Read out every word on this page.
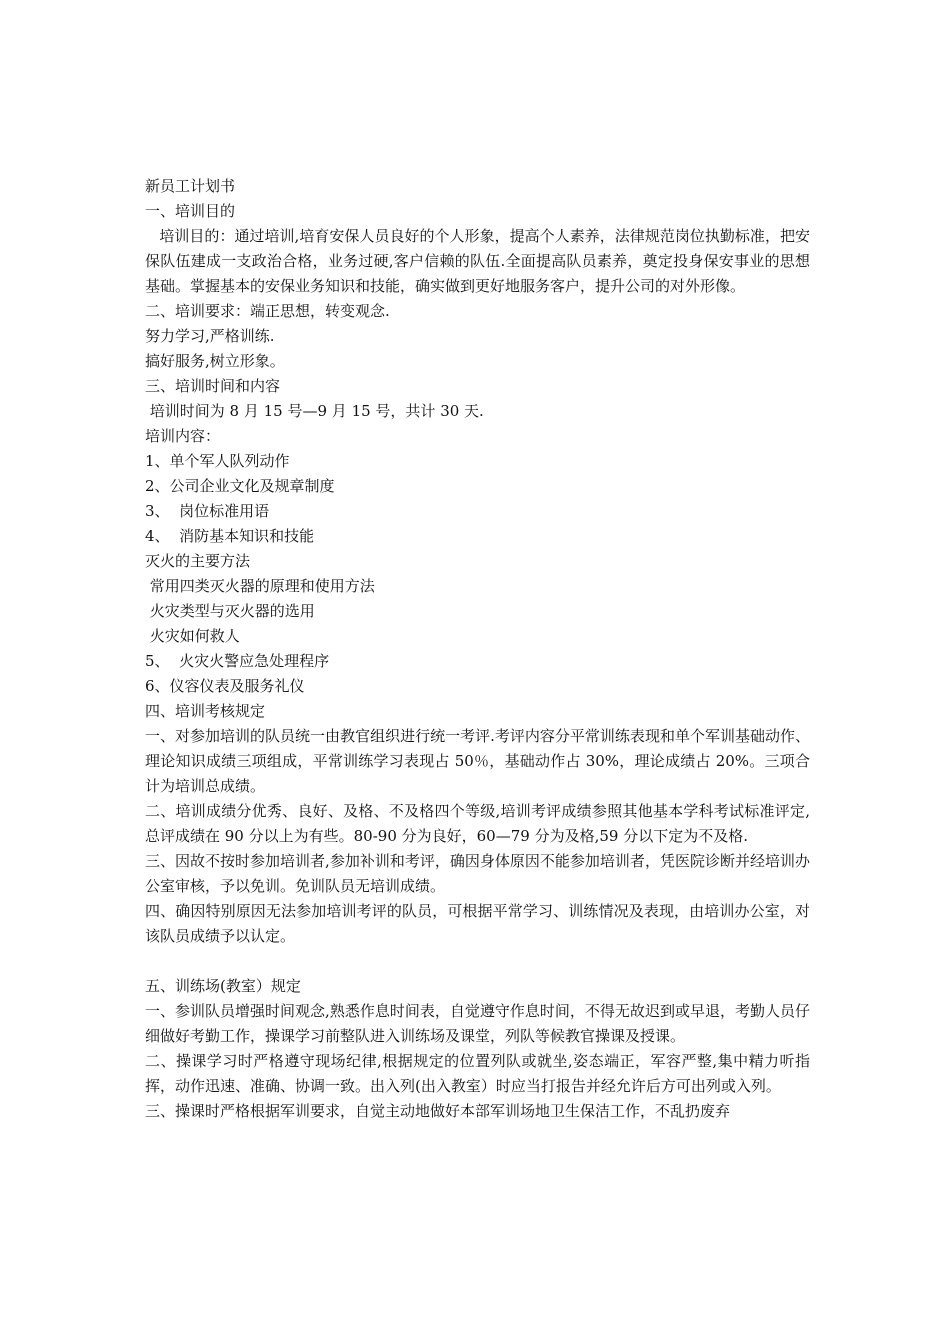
新员工计划书

一、培训目的

培训目的：通过培训,培育安保人员良好的个人形象，提高个人素养，法律规范岗位执勤标准，把安保队伍建成一支政治合格，业务过硬,客户信赖的队伍.全面提高队员素养，奠定投身保安事业的思想基础。掌握基本的安保业务知识和技能，确实做到更好地服务客户，提升公司的对外形像。

二、培训要求：端正思想，转变观念.

努力学习,严格训练.

搞好服务,树立形象。

三、培训时间和内容

培训时间为 8 月 15 号—9 月 15 号，共计 30 天.

培训内容：

1、单个军人队列动作

2、公司企业文化及规章制度

3、  岗位标准用语

4、  消防基本知识和技能

灭火的主要方法

常用四类灭火器的原理和使用方法

火灾类型与灭火器的选用

火灾如何救人

5、  火灾火警应急处理程序

6、仪容仪表及服务礼仪

四、培训考核规定

一、对参加培训的队员统一由教官组织进行统一考评.考评内容分平常训练表现和单个军训基础动作、理论知识成绩三项组成，平常训练学习表现占 50％，基础动作占 30%，理论成绩占 20%。三项合计为培训总成绩。

二、培训成绩分优秀、良好、及格、不及格四个等级,培训考评成绩参照其他基本学科考试标准评定,总评成绩在 90 分以上为有些。80-90 分为良好，60—79 分为及格,59 分以下定为不及格.

三、因故不按时参加培训者,参加补训和考评，确因身体原因不能参加培训者，凭医院诊断并经培训办公室审核，予以免训。免训队员无培训成绩。

四、确因特别原因无法参加培训考评的队员，可根据平常学习、训练情况及表现，由培训办公室，对该队员成绩予以认定。

五、训练场(教室）规定

一、参训队员增强时间观念,熟悉作息时间表，自觉遵守作息时间，不得无故迟到或早退，考勤人员仔细做好考勤工作，操课学习前整队进入训练场及课堂，列队等候教官操课及授课。

二、操课学习时严格遵守现场纪律,根据规定的位置列队或就坐,姿态端正，军容严整,集中精力听指挥，动作迅速、准确、协调一致。出入列(出入教室）时应当打报告并经允许后方可出列或入列。

三、操课时严格根据军训要求，自觉主动地做好本部军训场地卫生保洁工作，不乱扔废弃
